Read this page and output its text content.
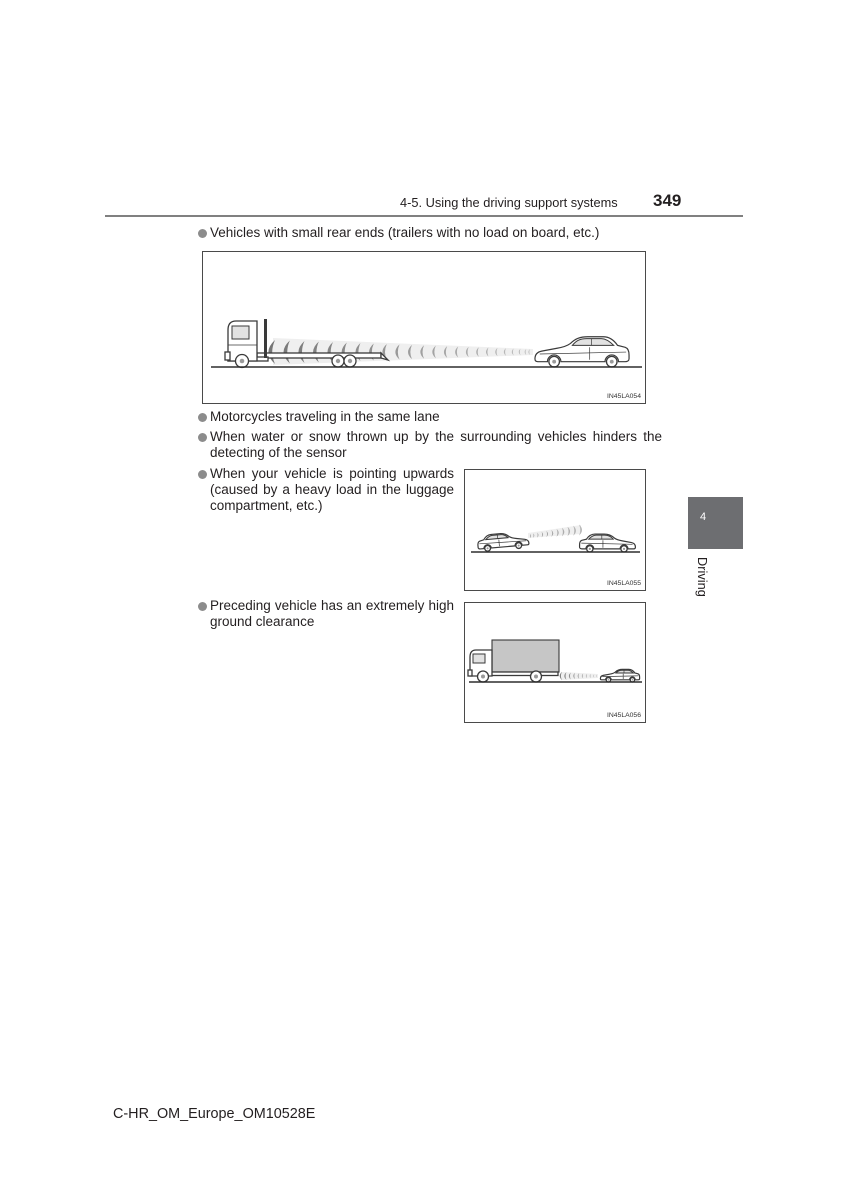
4-5. Using the driving support systems 349
Vehicles with small rear ends (trailers with no load on board, etc.)
IN45LA054
Motorcycles traveling in the same lane
When water or snow thrown up by the surrounding vehicles hinders the
detecting of the sensor
When your vehicle is pointing upwards
(caused by a heavy load in the luggage
compartment, etc.)
IN45LA055
Preceding vehicle has an extremely high
ground clearance
IN45LA056
4
Driving
C-HR_OM_Europe_OM10528E
